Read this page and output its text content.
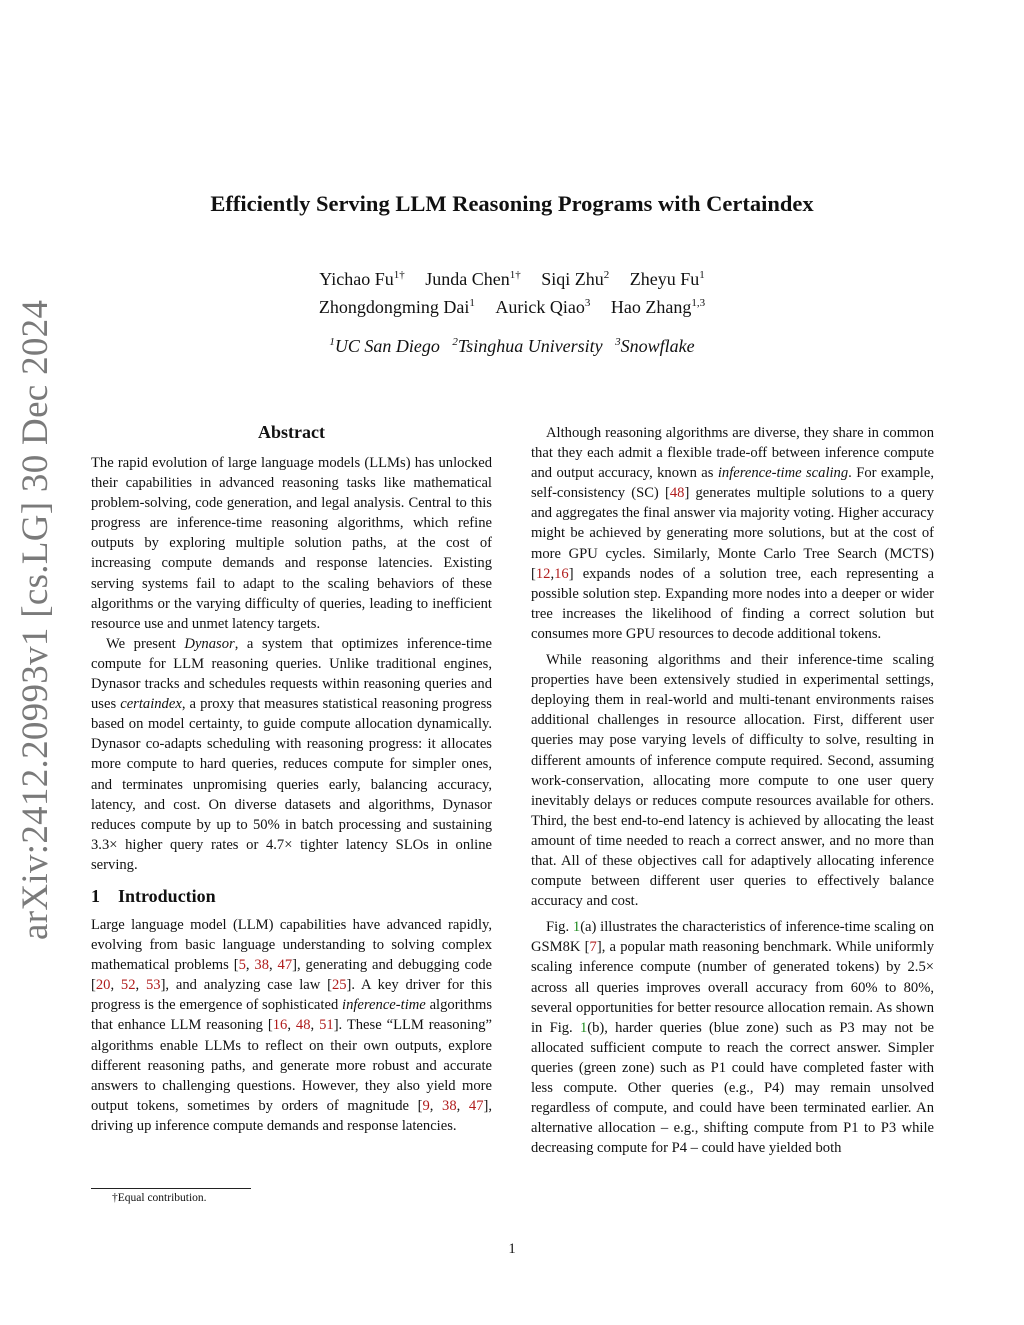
arXiv:2412.20993v1 [cs.LG] 30 Dec 2024
Efficiently Serving LLM Reasoning Programs with Certaindex
Yichao $Fu^{1\dagger}$ Junda Chen$^{1\dagger}$ Siqi Zhu$^2$ Zheyu Fu$^1$
Zhongdongming Dai$^1$ Aurick Qiao$^3$ Hao Zhang$^{1,3}$
$^1$UC San Diego $^2$Tsinghua University $^3$Snowflake
Abstract

The rapid evolution of large language models (LLMs) has unlocked their capabilities in advanced reasoning tasks like mathematical problem-solving, code generation, and legal analysis. Central to this progress are inference-time reasoning algorithms, which refine outputs by exploring multiple solution paths, at the cost of increasing compute demands and response latencies. Existing serving systems fail to adapt to the scaling behaviors of these algorithms or the varying difficulty of queries, leading to inefficient resource use and unmet latency targets.

We present Dynasor, a system that optimizes inference-time compute for LLM reasoning queries. Unlike traditional engines, Dynasor tracks and schedules requests within reasoning queries and uses certaindex, a proxy that measures statistical reasoning progress based on model certainty, to guide compute allocation dynamically. Dynasor co-adapts scheduling with reasoning progress: it allocates more compute to hard queries, reduces compute for simpler ones, and terminates unpromising queries early, balancing accuracy, latency, and cost. On diverse datasets and algorithms, Dynasor reduces compute by up to 50% in batch processing and sustaining 3.3× higher query rates or 4.7× tighter latency SLOs in online serving.

1 Introduction

Large language model (LLM) capabilities have advanced rapidly, evolving from basic language understanding to solving complex mathematical problems [5, 38, 47], generating and debugging code [20, 52, 53], and analyzing case law [25]. A key driver for this progress is the emergence of sophisticated inference-time algorithms that enhance LLM reasoning [16, 48, 51]. These “LLM reasoning” algorithms enable LLMs to reflect on their own outputs, explore different reasoning paths, and generate more robust and accurate answers to challenging questions. However, they also yield more output tokens, sometimes by orders of magnitude [9, 38, 47], driving up inference compute demands and response latencies.

Although reasoning algorithms are diverse, they share in common that they each admit a flexible trade-off between inference compute and output accuracy, known as inference-time scaling. For example, self-consistency (SC) [48] generates multiple solutions to a query and aggregates the final answer via majority voting. Higher accuracy might be achieved by generating more solutions, but at the cost of more GPU cycles. Similarly, Monte Carlo Tree Search (MCTS) [12,16] expands nodes of a solution tree, each representing a possible solution step. Expanding more nodes into a deeper or wider tree increases the likelihood of finding a correct solution but consumes more GPU resources to decode additional tokens.

While reasoning algorithms and their inference-time scaling properties have been extensively studied in experimental settings, deploying them in real-world and multi-tenant environments raises additional challenges in resource allocation. First, different user queries may pose varying levels of difficulty to solve, resulting in different amounts of inference compute required. Second, assuming work-conservation, allocating more compute to one user query inevitably delays or reduces compute resources available for others. Third, the best end-to-end latency is achieved by allocating the least amount of time needed to reach a correct answer, and no more than that. All of these objectives call for adaptively allocating inference compute between different user queries to effectively balance accuracy and cost.

Fig. 1(a) illustrates the characteristics of inference-time scaling on GSM8K [7], a popular math reasoning benchmark. While uniformly scaling inference compute (number of generated tokens) by 2.5× across all queries improves overall accuracy from 60% to 80%, several opportunities for better resource allocation remain. As shown in Fig. 1(b), harder queries (blue zone) such as P3 may not be allocated sufficient compute to reach the correct answer. Simpler queries (green zone) such as P1 could have completed faster with less compute. Other queries (e.g., P4) may remain unsolved regardless of compute, and could have been terminated earlier. An alternative allocation – e.g., shifting compute from P1 to P3 while decreasing compute for P4 – could have yielded both

†Equal contribution.
1
